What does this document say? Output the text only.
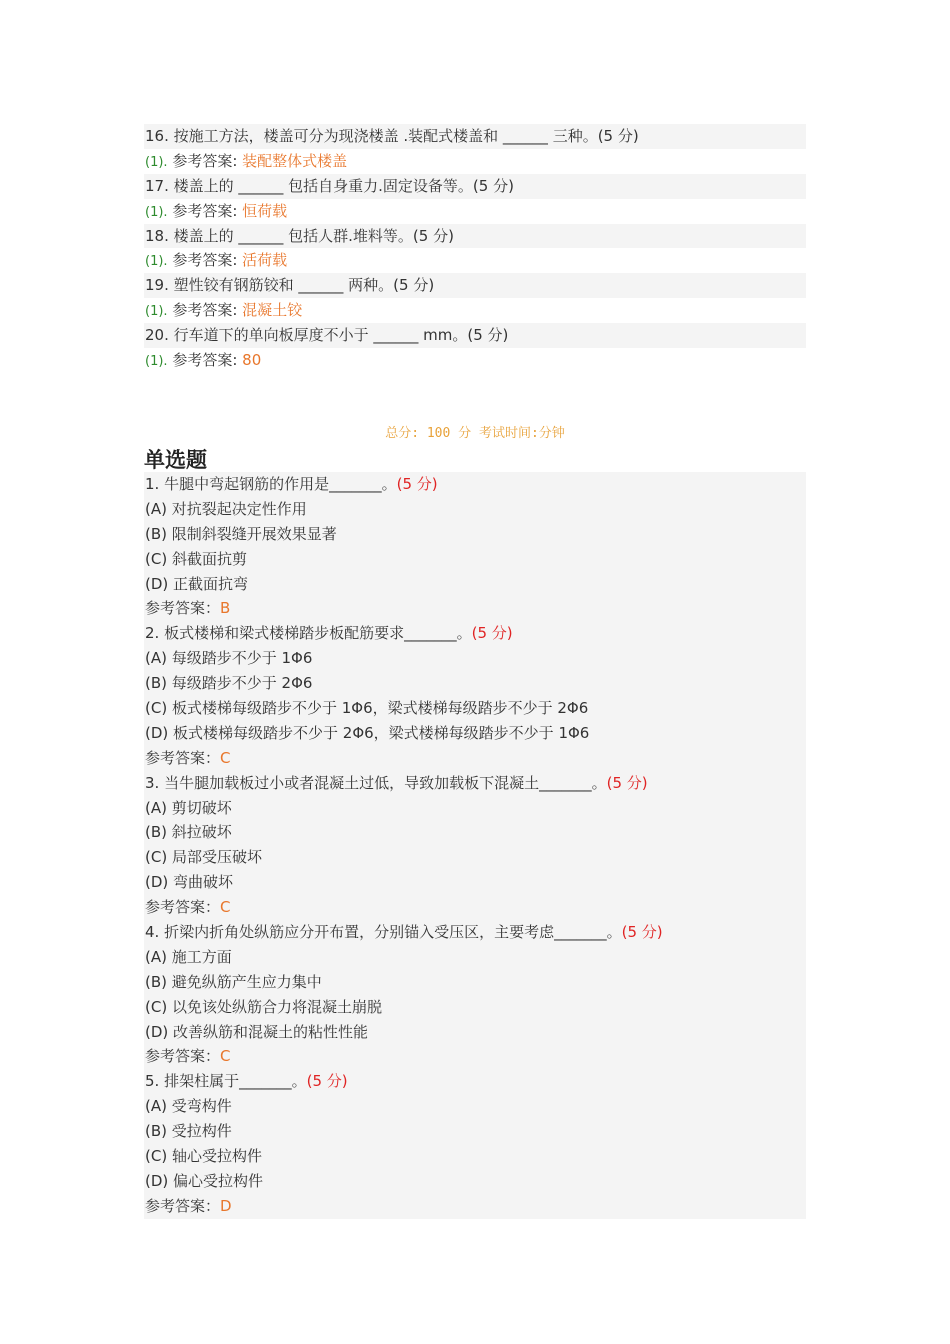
16. 按施工方法，楼盖可分为现浇楼盖 .装配式楼盖和 ______ 三种。(5 分)
(1). 参考答案: 装配整体式楼盖
17. 楼盖上的 ______ 包括自身重力.固定设备等。(5 分)
(1). 参考答案: 恒荷载
18. 楼盖上的 ______ 包括人群.堆料等。(5 分)
(1). 参考答案: 活荷载
19. 塑性铰有钢筋铰和 ______ 两种。(5 分)
(1). 参考答案: 混凝土铰
20. 行车道下的单向板厚度不小于 ______ mm。(5 分)
(1). 参考答案: 80
总分: 100 分 考试时间:分钟
单选题
1. 牛腿中弯起钢筋的作用是_______。(5 分)
(A) 对抗裂起决定性作用
(B) 限制斜裂缝开展效果显著
(C) 斜截面抗剪
(D) 正截面抗弯
参考答案：B
2. 板式楼梯和梁式楼梯踏步板配筋要求_______。(5 分)
(A) 每级踏步不少于 1Φ6
(B) 每级踏步不少于 2Φ6
(C) 板式楼梯每级踏步不少于 1Φ6，梁式楼梯每级踏步不少于 2Φ6
(D) 板式楼梯每级踏步不少于 2Φ6，梁式楼梯每级踏步不少于 1Φ6
参考答案：C
3. 当牛腿加载板过小或者混凝土过低，导致加载板下混凝土_______。(5 分)
(A) 剪切破坏
(B) 斜拉破坏
(C) 局部受压破坏
(D) 弯曲破坏
参考答案：C
4. 折梁内折角处纵筋应分开布置，分别锚入受压区，主要考虑_______。(5 分)
(A) 施工方面
(B) 避免纵筋产生应力集中
(C) 以免该处纵筋合力将混凝土崩脱
(D) 改善纵筋和混凝土的粘性性能
参考答案：C
5. 排架柱属于_______。(5 分)
(A) 受弯构件
(B) 受拉构件
(C) 轴心受拉构件
(D) 偏心受拉构件
参考答案：D
